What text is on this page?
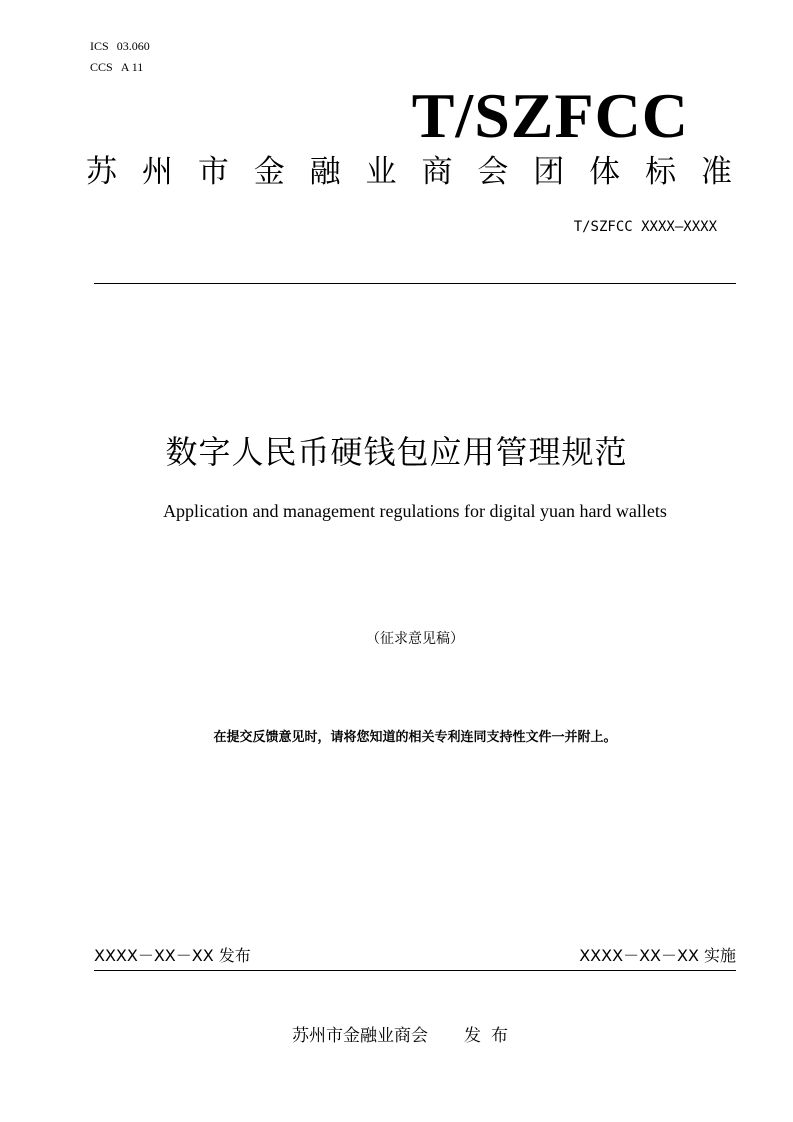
ICS 03.060
CCS A 11
T/SZFCC
苏 州 市 金 融 业 商 会 团 体 标 准
T/SZFCC XXXX—XXXX
数字人民币硬钱包应用管理规范
Application and management regulations for digital yuan hard wallets
（征求意见稿）
在提交反馈意见时，请将您知道的相关专利连同支持性文件一并附上。
XXXX－XX－XX 发布	XXXX－XX－XX 实施
苏州市金融业商会 发布
